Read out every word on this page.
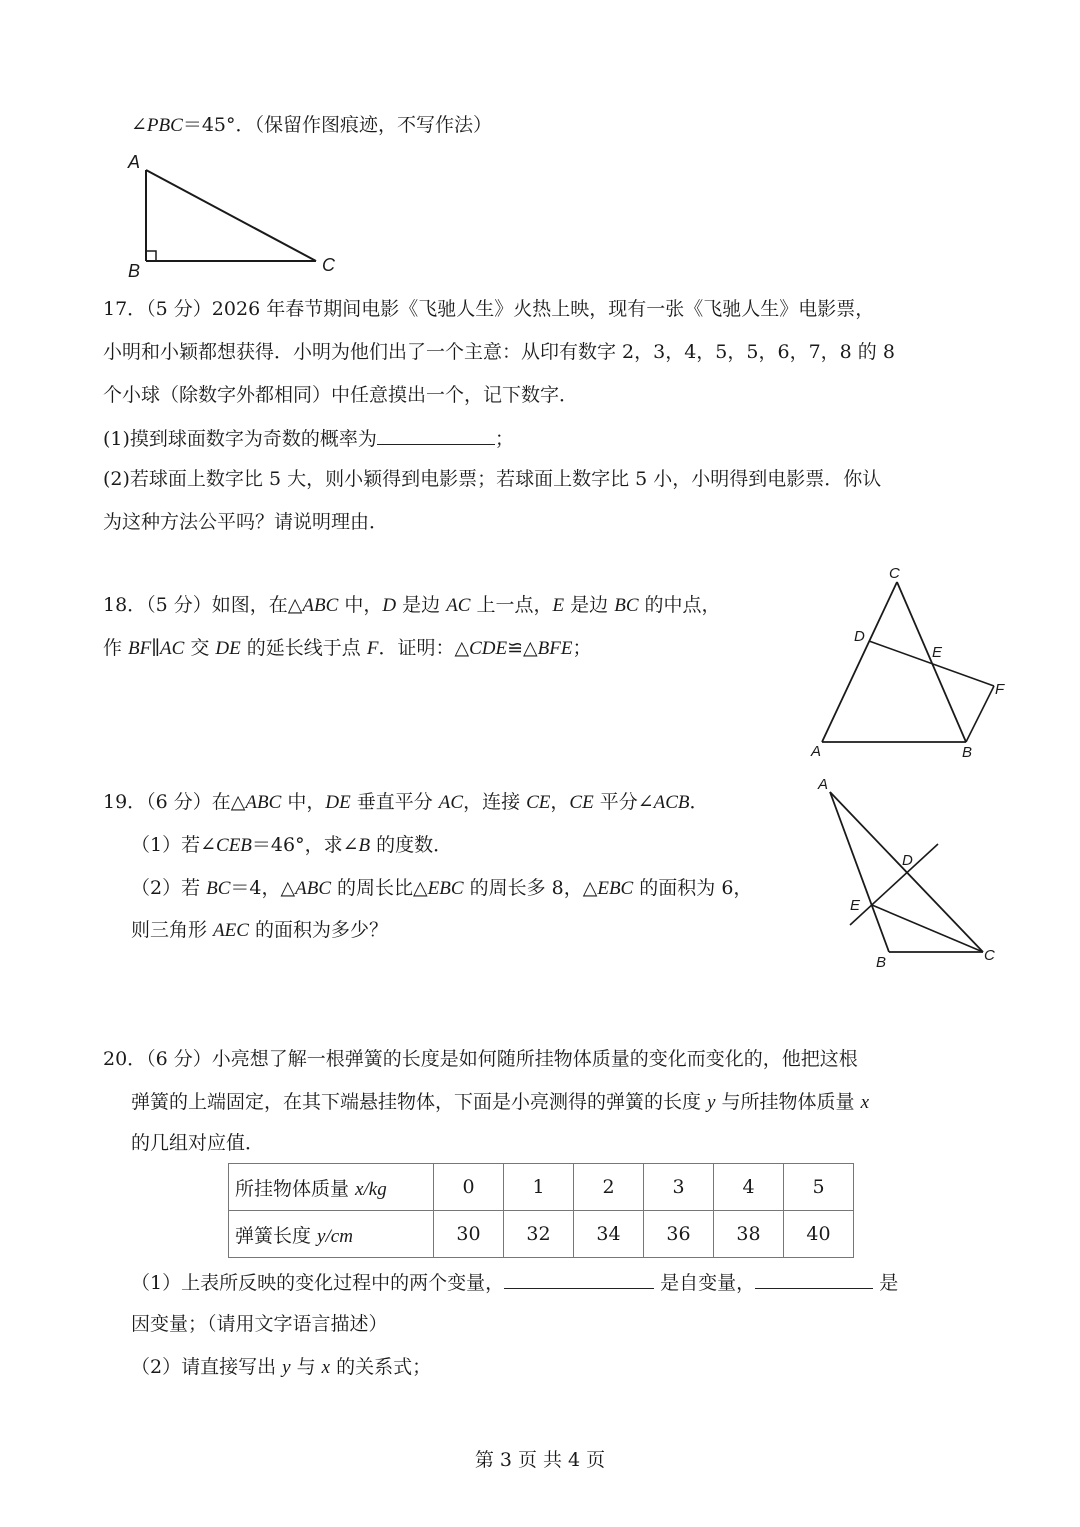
∠PBC＝45°．（保留作图痕迹，不写作法）
A
B	C
17．（5 分）2026 年春节期间电影《飞驰人生》火热上映，现有一张《飞驰人生》电影票，
小明和小颖都想获得．小明为他们出了一个主意：从印有数字 2，3，4，5，5，6，7，8 的 8
个小球（除数字外都相同）中任意摸出一个，记下数字．
(1)摸到球面数字为奇数的概率为	；
(2)若球面上数字比 5 大，则小颖得到电影票；若球面上数字比 5 小，小明得到电影票．你认
为这种方法公平吗？请说明理由．
18．（5 分）如图，在△ABC 中，D 是边 AC 上一点，E 是边 BC 的中点，
作 BF∥AC 交 DE 的延长线于点 F．证明：△CDE≌△BFE；
C
D
E
F
A	B
19．（6 分）在△ABC 中，DE 垂直平分 AC，连接 CE，CE 平分∠ACB．
（1）若∠CEB＝46°，求∠B 的度数．
（2）若 BC＝4，△ABC 的周长比△EBC 的周长多 8，△EBC 的面积为 6，
则三角形 AEC 的面积为多少？
A
D
E
B	C
20．（6 分）小亮想了解一根弹簧的长度是如何随所挂物体质量的变化而变化的，他把这根
弹簧的上端固定，在其下端悬挂物体，下面是小亮测得的弹簧的长度 y 与所挂物体质量 x
的几组对应值．
所挂物体质量 x/kg	0	1	2	3	4	5
弹簧长度 y/cm	30	32	34	36	38	40
（1）上表所反映的变化过程中的两个变量，	是自变量，	是
因变量；（请用文字语言描述）
（2）请直接写出 y 与 x 的关系式；
第 3 页 共 4 页
